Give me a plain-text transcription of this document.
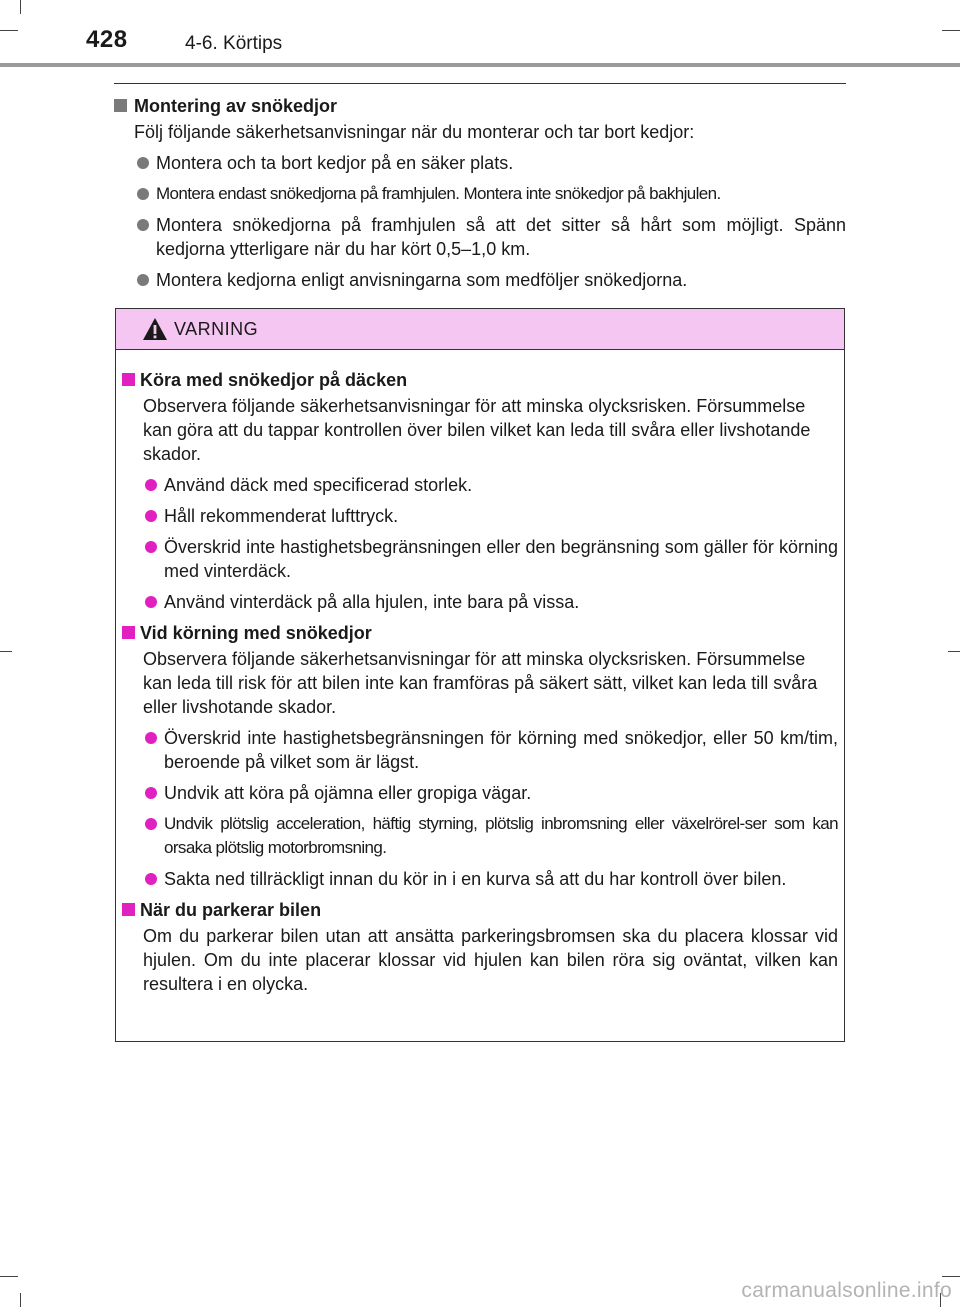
428	4-6. Körtips
Montering av snökedjor
Följ följande säkerhetsanvisningar när du monterar och tar bort kedjor:
Montera och ta bort kedjor på en säker plats.
Montera endast snökedjorna på framhjulen. Montera inte snökedjor på bakhjulen.
Montera snökedjorna på framhjulen så att det sitter så hårt som möjligt. Spänn kedjorna ytterligare när du har kört 0,5–1,0 km.
Montera kedjorna enligt anvisningarna som medföljer snökedjorna.
VARNING
Köra med snökedjor på däcken
Observera följande säkerhetsanvisningar för att minska olycksrisken. Försummelse kan göra att du tappar kontrollen över bilen vilket kan leda till svåra eller livshotande skador.
Använd däck med specificerad storlek.
Håll rekommenderat lufttryck.
Överskrid inte hastighetsbegränsningen eller den begränsning som gäller för körning med vinterdäck.
Använd vinterdäck på alla hjulen, inte bara på vissa.
Vid körning med snökedjor
Observera följande säkerhetsanvisningar för att minska olycksrisken. Försummelse kan leda till risk för att bilen inte kan framföras på säkert sätt, vilket kan leda till svåra eller livshotande skador.
Överskrid inte hastighetsbegränsningen för körning med snökedjor, eller 50 km/tim, beroende på vilket som är lägst.
Undvik att köra på ojämna eller gropiga vägar.
Undvik plötslig acceleration, häftig styrning, plötslig inbromsning eller växelrörel-ser som kan orsaka plötslig motorbromsning.
Sakta ned tillräckligt innan du kör in i en kurva så att du har kontroll över bilen.
När du parkerar bilen
Om du parkerar bilen utan att ansätta parkeringsbromsen ska du placera klossar vid hjulen. Om du inte placerar klossar vid hjulen kan bilen röra sig oväntat, vilken kan resultera i en olycka.
carmanualsonline.info
